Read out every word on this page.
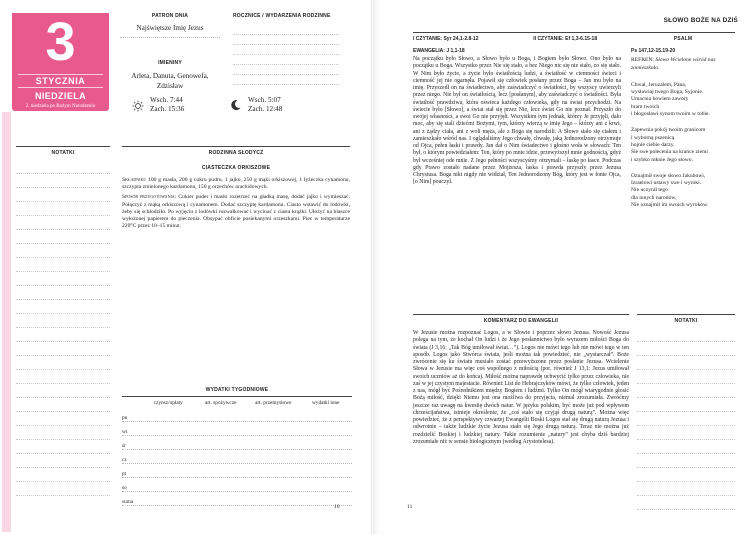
3
STYCZNIA
NIEDZIELA
2. niedziela po Bożym Narodzeniu
PATRON DNIA
Najświętsze Imię Jezus
IMIENINY
Arleta, Danuta, Genowefa, Zdzisław
ROCZNICE / WYDARZENIA RODZINNE
Wsch. 7:44
Zach. 15:36
Wsch. 5:07
Zach. 12:48
NOTATKI	RODZINNA SŁODYCZ
CIASTECZKA ORKISZOWE
Składniki: 100 g masła, 200 g cukru pudru, 1 jajko, 250 g mąki orkiszowej, 1 łyżeczka cynamonu, szczypta zmielonego kardamonu, 150 g orzechów arachidowych.
Sposób przygotowania: Cukier puder i masło rozetrzeć na gładką masę, dodać jajko i wymieszać. Połączyć z mąką orkiszową i cynamonem. Dodać szczyptę kardamonu. Ciasto wstawić do lodówki, żeby się schłodziło. Po wyjęciu z lodówki rozwałkować i wycinać z ciasta krążki. Ułożyć na blaszce wyłożonej papierem do pieczenia. Obsypać obficie posiekanymi orzeszkami. Piec w temperaturze 220°C przez 10–15 minut.
WYDATKI TYGODNIOWE
czynsz/opłaty	art. spożywcze	art. przemysłowe	wydatki inne
pn
wt
śr
cz
pt
so
suma
10
SŁOWO BOŻE NA DZIŚ
I CZYTANIE: Syr 24,1-2.8-12	II CZYTANIE: Ef 1,3-6.15-18	PSALM
EWANGELIA: J 1,1-18
Na początku było Słowo, a Słowo było u Boga, i Bogiem było Słowo. Ono było na początku u Boga. Wszystko przez Nie się stało, a bez Niego nic się nie stało, co się stało. W Nim było życie, a życie było światłością ludzi, a światłość w ciemności świeci i ciemność jej nie ogarnęła. Pojawił się człowiek posłany przez Boga – Jan mu było na imię. Przyszedł on na świadectwo, aby zaświadczyć o światłości, by wszyscy uwierzyli przez niego. Nie był on światłością, lecz [posłanym], aby zaświadczyć o światłości. Była światłość prawdziwa, która oświeca każdego człowieka, gdy na świat przychodzi. Na świecie było [Słowo], a świat stał się przez Nie, lecz świat Go nie poznał. Przyszło do swojej własności, a swoi Go nie przyjęli. Wszystkim tym jednak, którzy Je przyjęli, dało moc, aby się stali dziećmi Bożymi, tym, którzy wierzą w imię Jego – którzy ani z krwi, ani z żądzy ciała, ani z woli męża, ale z Boga się narodzili. A Słowo stało się ciałem i zamieszkało wśród nas. I oglądaliśmy Jego chwałę, chwałę, jaką Jednorodzony otrzymuje od Ojca, pełen łaski i prawdy. Jan dał o Nim świadectwo i głośno woła w słowach: Ten był, o którym powiedziałem: Ten, który po mnie idzie, przewyższył mnie godnością, gdyż był wcześniej ode mnie. Z Jego pełności wszyscyśmy otrzymali – łaskę po łasce. Podczas gdy Prawo zostało nadane przez Mojżesza, łaska i prawda przyszły przez Jezusa Chrystusa. Boga nikt nigdy nie widział, Ten Jednorodzony Bóg, który jest w łonie Ojca, [o Nim] pouczył.
Ps 147,12-15.19-20
REFREN: Słowo Wcielone wśród nas zamieszkało.
Chwal, Jeruzalem, Pana,
wysławiaj twego Boga, Syjonie.
Umacnia bowiem zawory
bram twoich
i błogosławi synom twoim w tobie.
Zapewnia pokój twoim granicom
i wyborną pszenicą
hojnie ciebie darzy.
Śle swe polecenia na krańce ziemi
i szybko mknie Jego słowo.
Oznajmił swoje słowo Jakubowi,
Izraelowi ustawy swe i wyroki.
Nie uczynił tego
dla innych narodów,
Nie oznajmił im swoich wyroków.
KOMENTARZ DO EWANGELII
W Jezusie można rozpoznać Logos, a w Słowie i poprzez słowo Jezusa. Nowość Jezusa polega na tym, że kochał On ludzi i że Jego posłannictwo było wyrazem miłości Boga do świata (J 3,16: „Tak Bóg umiłował świat…”). Logos nie mówi tego lub nie mówi tego w ten sposób. Logos jako Stwórca świata, jeśli można tak powiedzieć, nie „wystarczał”. Boże zwrócenie się ku światu musiało zostać przewyższone przez posłanie Jezusa. Wcielenie Słowa w Jezusie ma więc coś wspólnego z miłością (por. również J 13,1: Jezus umiłował swoich uczniów aż do końca). Miłość można naprawdę uchwycić tylko przez człowieka, nie zaś w jej czystym majestacie. Również List do Hebrajczyków mówi, że tylko człowiek, jeden z nas, mógł być Pośrednikiem między Bogiem i ludźmi. Tylko On mógł wiarygodnie głosić Bożą miłość, dzięki Niemu jest ona możliwa do przyjęcia, niemal zrozumiała. Zwróćmy jeszcze raz uwagę na kwestię dwóch natur. W języku polskim, być może już pod wpływem chrześcijaństwa, istnieje określenie, że „coś stało się czyjąś drugą naturą”. Można więc powiedzieć, że z perspektywy czwartej Ewangelii Boski Logos stał się drugą naturą Jezusa i odwrotnie – także ludzkie życie Jezusa stało się Jego drugą naturą. Teraz nie można już rozdzielić Boskiej i ludzkiej natury. Takie rozumienie „natury” jest chyba dziś bardziej zrozumiałe niż w sensie biologicznym (według Arystotelesa).
NOTATKI
11
